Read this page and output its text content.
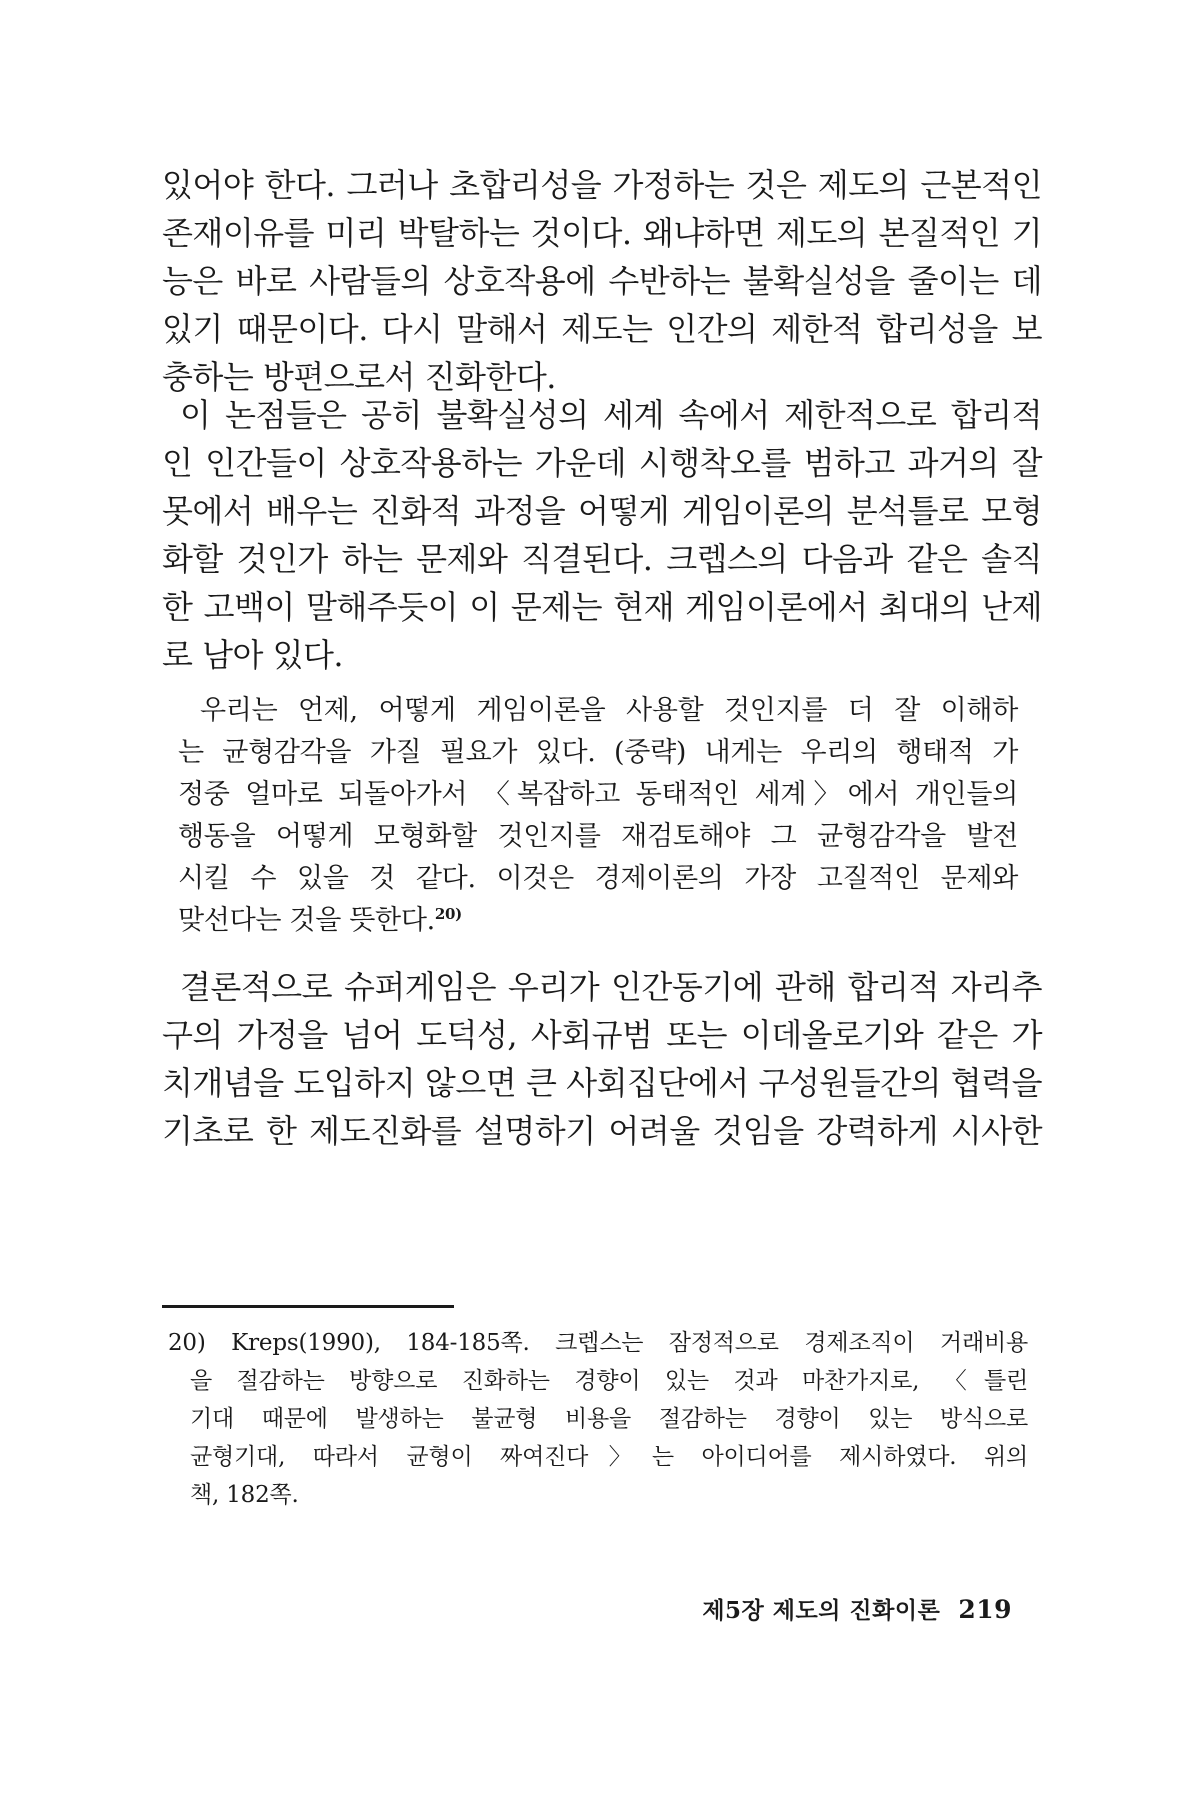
있어야 한다. 그러나 초합리성을 가정하는 것은 제도의 근본적인
존재이유를 미리 박탈하는 것이다. 왜냐하면 제도의 본질적인 기
능은 바로 사람들의 상호작용에 수반하는 불확실성을 줄이는 데
있기 때문이다. 다시 말해서 제도는 인간의 제한적 합리성을 보
충하는 방편으로서 진화한다.
이 논점들은 공히 불확실성의 세계 속에서 제한적으로 합리적
인 인간들이 상호작용하는 가운데 시행착오를 범하고 과거의 잘
못에서 배우는 진화적 과정을 어떻게 게임이론의 분석틀로 모형
화할 것인가 하는 문제와 직결된다. 크렙스의 다음과 같은 솔직
한 고백이 말해주듯이 이 문제는 현재 게임이론에서 최대의 난제
로 남아 있다.
우리는 언제, 어떻게 게임이론을 사용할 것인지를 더 잘 이해하
는 균형감각을 가질 필요가 있다. (중략) 내게는 우리의 행태적 가
정중 얼마로 되돌아가서 〈복잡하고 동태적인 세계〉에서 개인들의
행동을 어떻게 모형화할 것인지를 재검토해야 그 균형감각을 발전
시킬 수 있을 것 같다. 이것은 경제이론의 가장 고질적인 문제와
맞선다는 것을 뜻한다.$^{20)}$
결론적으로 슈퍼게임은 우리가 인간동기에 관해 합리적 자리추
구의 가정을 넘어 도덕성, 사회규범 또는 이데올로기와 같은 가
치개념을 도입하지 않으면 큰 사회집단에서 구성원들간의 협력을
기초로 한 제도진화를 설명하기 어려울 것임을 강력하게 시사한
20) Kreps(1990), 184-185쪽. 크렙스는 잠정적으로 경제조직이 거래비용
을 절감하는 방향으로 진화하는 경향이 있는 것과 마찬가지로, 〈틀린
기대 때문에 발생하는 불균형 비용을 절감하는 경향이 있는 방식으로
균형기대, 따라서 균형이 짜여진다〉는 아이디어를 제시하였다. 위의
책, 182쪽.
제5장 제도의 진화이론 219
